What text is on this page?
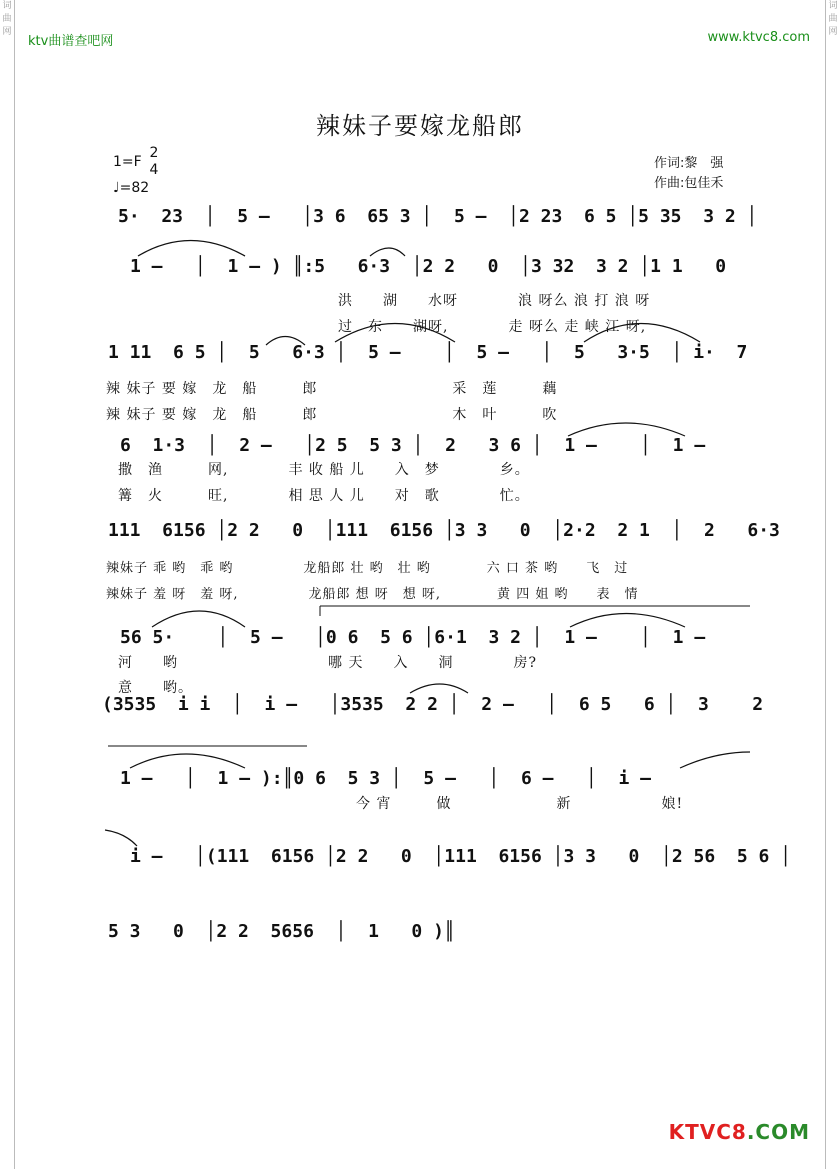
词曲网
词曲网
ktv曲谱查吧网	www.ktvc8.com
辣妹子要嫁龙船郎
1=F
2
4
♩=82
作词:黎　强
作曲:包佳禾
5·  23  │  5 –   │3 6  65 3 │  5 –  │2 23  6 5 │5 35  3 2 │
1 –   │  1 – ) ║:5   6·3  │2 2   0  │3 32  3 2 │1 1   0
洪　　湖　　水呀　　　　浪 呀么 浪 打 浪 呀
过　东　　湖呀,　　　　走 呀么 走 峡 江 呀,
1 11  6 5 │  5   6·3 │  5 –    │  5 –   │  5   3·5  │ i·  7
辣 妹子 要 嫁　龙　船　　　郎　　　　　　　　　采　莲　　　藕
辣 妹子 要 嫁　龙　船　　　郎　　　　　　　　　木　叶　　　吹
6  1·3  │  2 –   │2 5  5 3 │  2   3 6 │  1 –    │  1 –
撒　渔　　　网,　　　　丰 收 船 儿　　入　梦　　　　乡。
篝　火　　　旺,　　　　相 思 人 儿　　对　歌　　　　忙。
111  6156 │2 2   0  │111  6156 │3 3   0  │2·2  2 1  │  2   6·3
辣妹子 乖 哟　乖 哟　　　　　龙船郎 壮 哟　壮 哟　　　　六 口 茶 哟　　飞　过
辣妹子 羞 呀　羞 呀,　　　　　龙船郎 想 呀　想 呀,　　　　黄 四 姐 哟　　表　情
56 5·    │  5 –   │0 6  5 6 │6·1  3 2 │  1 –    │  1 –
河　　哟　　　　　　　　　　哪 天　　入　　洞　　　　房?
意　　哟。
(3535  i i  │  i –   │3535  2 2 │  2 –   │  6 5   6 │  3    2
1 –   │  1 – ):║0 6  5 3 │  5 –   │  6 –   │  i –
今 宵　　　做　　　　　　　新　　　　　　娘!
i –   │(111  6156 │2 2   0  │111  6156 │3 3   0  │2 56  5 6 │
5 3   0  │2 2  5656  │  1   0 )║
KTVC8.COM
